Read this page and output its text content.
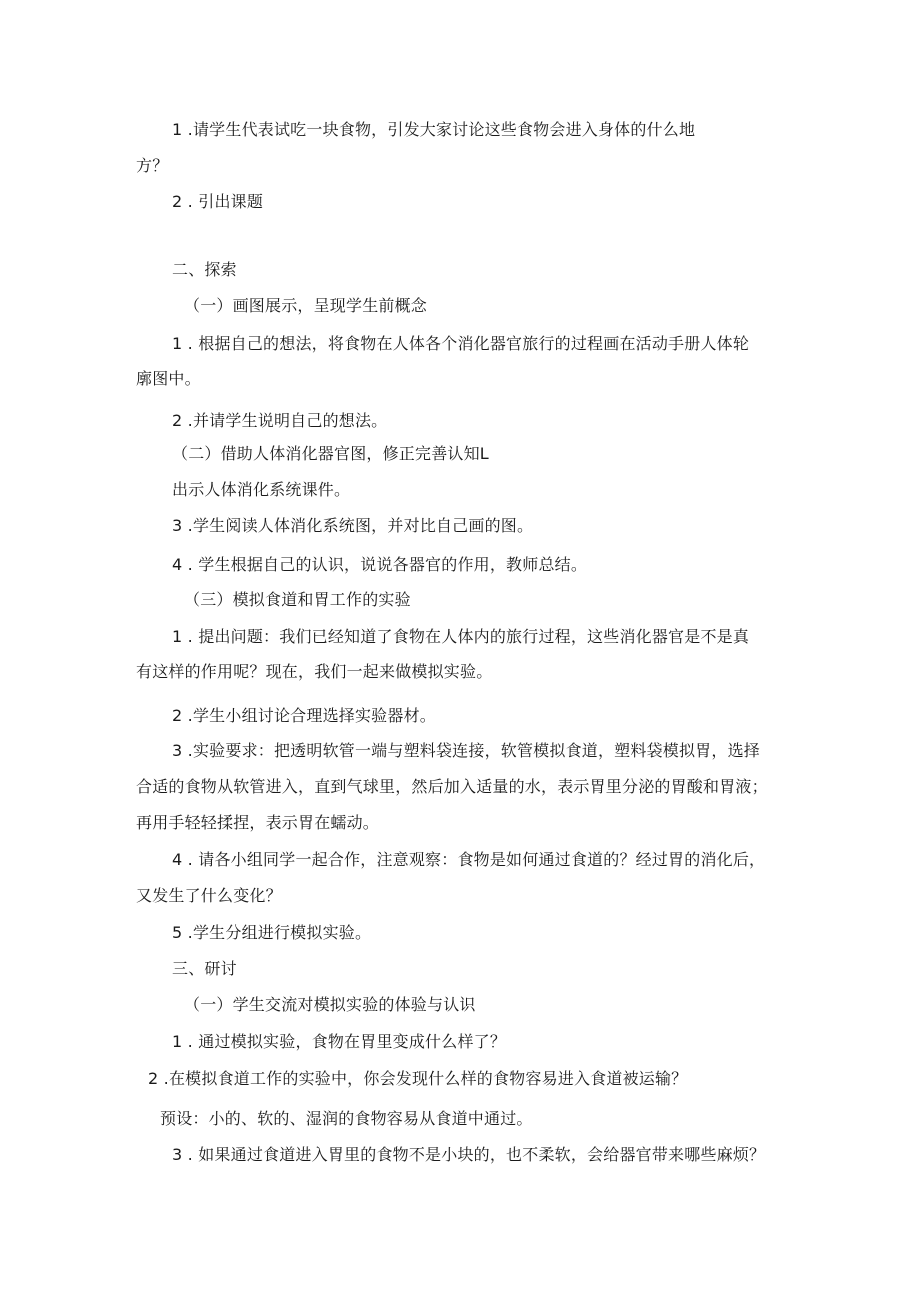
1 .请学生代表试吃一块食物，引发大家讨论这些食物会进入身体的什么地
方？
2 . 引出课题
二、探索
（一）画图展示，呈现学生前概念
1 . 根据自己的想法，将食物在人体各个消化器官旅行的过程画在活动手册人体轮
廓图中。
2 .并请学生说明自己的想法。
（二）借助人体消化器官图，修正完善认知L
出示人体消化系统课件。
3 .学生阅读人体消化系统图，并对比自己画的图。
4 . 学生根据自己的认识，说说各器官的作用，教师总结。
（三）模拟食道和胃工作的实验
1 . 提出问题：我们已经知道了食物在人体内的旅行过程，这些消化器官是不是真
有这样的作用呢？现在，我们一起来做模拟实验。
2 .学生小组讨论合理选择实验器材。
3 .实验要求：把透明软管一端与塑料袋连接，软管模拟食道，塑料袋模拟胃，选择
合适的食物从软管进入，直到气球里，然后加入适量的水，表示胃里分泌的胃酸和胃液；
再用手轻轻揉捏，表示胃在蠕动。
4 . 请各小组同学一起合作，注意观察：食物是如何通过食道的？经过胃的消化后，
又发生了什么变化？
5 .学生分组进行模拟实验。
三、研讨
（一）学生交流对模拟实验的体验与认识
1 . 通过模拟实验，食物在胃里变成什么样了？
2 .在模拟食道工作的实验中，你会发现什么样的食物容易进入食道被运输？
预设：小的、软的、湿润的食物容易从食道中通过。
3 . 如果通过食道进入胃里的食物不是小块的，也不柔软，会给器官带来哪些麻烦？
